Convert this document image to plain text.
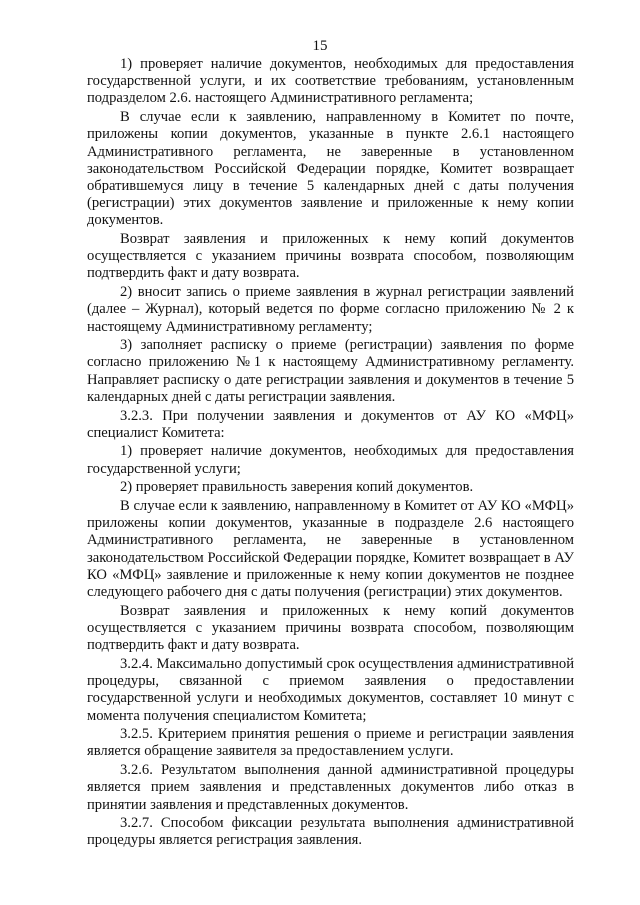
15

1) проверяет наличие документов, необходимых для предоставления государственной услуги, и их соответствие требованиям, установленным подразделом 2.6. настоящего Административного регламента;

В случае если к заявлению, направленному в Комитет по почте, приложены копии документов, указанные в пункте 2.6.1 настоящего Административного регламента, не заверенные в установленном законодательством Российской Федерации порядке, Комитет возвращает обратившемуся лицу в течение 5 календарных дней с даты получения (регистрации) этих документов заявление и приложенные к нему копии документов.

Возврат заявления и приложенных к нему копий документов осуществляется с указанием причины возврата способом, позволяющим подтвердить факт и дату возврата.

2) вносит запись о приеме заявления в журнал регистрации заявлений (далее – Журнал), который ведется по форме согласно приложению № 2 к настоящему Административному регламенту;

3) заполняет расписку о приеме (регистрации) заявления по форме согласно приложению №1 к настоящему Административному регламенту. Направляет расписку о дате регистрации заявления и документов в течение 5 календарных дней с даты регистрации заявления.

3.2.3. При получении заявления и документов от АУ КО «МФЦ» специалист Комитета:

1) проверяет наличие документов, необходимых для предоставления государственной услуги;

2) проверяет правильность заверения копий документов.

В случае если к заявлению, направленному в Комитет от АУ КО «МФЦ» приложены копии документов, указанные в подразделе 2.6 настоящего Административного регламента, не заверенные в установленном законодательством Российской Федерации порядке, Комитет возвращает в АУ КО «МФЦ» заявление и приложенные к нему копии документов не позднее следующего рабочего дня с даты получения (регистрации) этих документов.

Возврат заявления и приложенных к нему копий документов осуществляется с указанием причины возврата способом, позволяющим подтвердить факт и дату возврата.

3.2.4. Максимально допустимый срок осуществления административной процедуры, связанной с приемом заявления о предоставлении государственной услуги и необходимых документов, составляет 10 минут с момента получения специалистом Комитета;

3.2.5. Критерием принятия решения о приеме и регистрации заявления является обращение заявителя за предоставлением услуги.

3.2.6. Результатом выполнения данной административной процедуры является прием заявления и представленных документов либо отказ в принятии заявления и представленных документов.

3.2.7. Способом фиксации результата выполнения административной процедуры является регистрация заявления.
